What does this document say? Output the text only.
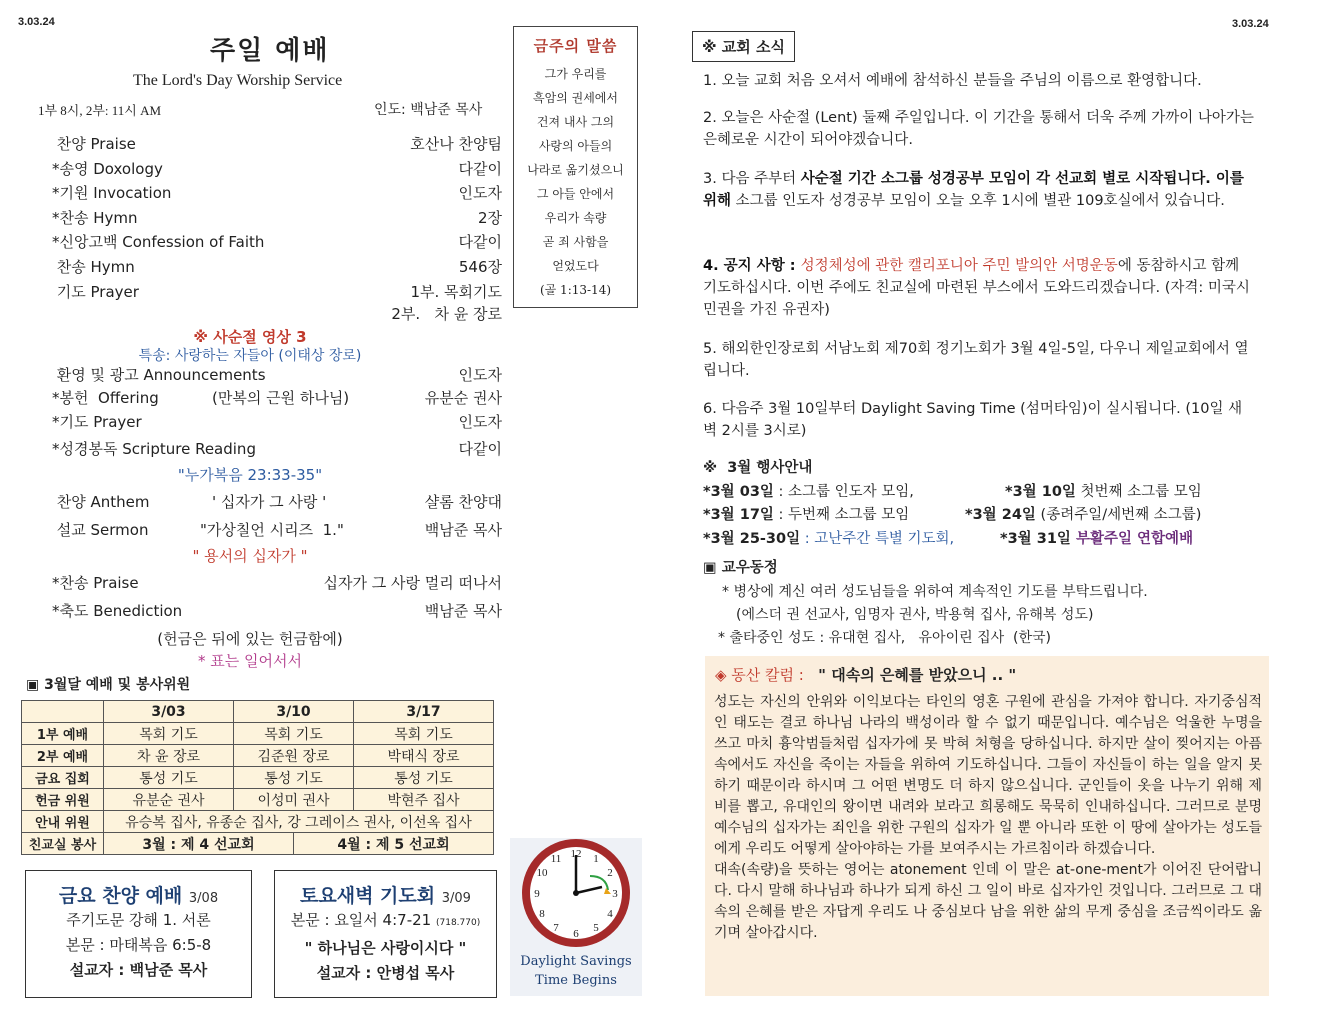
3.03.24
주일 예배
The Lord's Day Worship Service
1부 8시, 2부: 11시 AM	인도: 백남준 목사
찬양 Praise	호산나 찬양팀
*송영 Doxology	다같이
*기원 Invocation	인도자
*찬송 Hymn	2장
*신앙고백 Confession of Faith	다같이
찬송 Hymn	546장
기도 Prayer	1부. 목회기도
2부.   차 윤 장로
※ 사순절 영상 3
특송: 사랑하는 자들아 (이태상 장로)
환영 및 광고 Announcements	인도자
*봉헌  Offering	(만복의 근원 하나님)	유분순 권사
*기도 Prayer	인도자
*성경봉독 Scripture Reading	다같이
"누가복음 23:33-35"
찬양 Anthem	' 십자가 그 사랑 '	샬롬 찬양대
설교 Sermon	"가상칠언 시리즈  1."	백남준 목사
" 용서의 십자가 "
*찬송 Praise	십자가 그 사랑 멀리 떠나서
*축도 Benediction	백남준 목사
(헌금은 뒤에 있는 헌금함에)
* 표는 일어서서
금주의 말씀
그가 우리를
흑암의 권세에서
건져 내사 그의
사랑의 아들의
나라로 옮기셨으니
그 아들 안에서
우리가 속량
곧 죄 사함을
얻었도다
(골 1:13-14)
▣ 3월달 예배 및 봉사위원
	3/03	3/10		3/17
1부 예배	목회 기도	목회 기도		목회 기도
2부 예배	차 윤 장로	김준원 장로		박태식 장로
금요 집회	통성 기도	통성 기도		통성 기도
헌금 위원	유분순 권사	이성미 권사		박현주 집사
안내 위원	유승복 집사, 유종순 집사, 강 그레이스 권사, 이선옥 집사			
친교실 봉사	3월 : 제 4 선교회		4월 : 제 5 선교회	
금요 찬양 예배 3/08
주기도문 강해 1. 서론
본문 : 마태복음 6:5-8
설교자 : 백남준 목사
토요새벽 기도회 3/09
본문 : 요일서 4:7-21 (718.770)
" 하나님은 사랑이시다 "
설교자 : 안병섭 목사
12 1
2
3
4
5
6
7
8
9
10
11
Daylight Savings
Time Begins
3.03.24
※ 교회 소식
1. 오늘 교회 처음 오셔서 예배에 참석하신 분들을 주님의 이름으로 환영합니다.
2. 오늘은 사순절 (Lent) 둘째 주일입니다. 이 기간을 통해서 더욱 주께 가까이 나아가는 은혜로운 시간이 되어야겠습니다.
3. 다음 주부터 사순절 기간 소그룹 성경공부 모임이 각 선교회 별로 시작됩니다. 이를 위해 소그룹 인도자 성경공부 모임이 오늘 오후 1시에 별관 109호실에서 있습니다.
4. 공지 사항 : 성정체성에 관한 캘리포니아 주민 발의안 서명운동에 동참하시고 함께 기도하십시다. 이번 주에도 친교실에 마련된 부스에서 도와드리겠습니다. (자격: 미국시민권을 가진 유권자)
5. 해외한인장로회 서남노회 제70회 정기노회가 3월 4일-5일, 다우니 제일교회에서 열립니다.
6. 다음주 3월 10일부터 Daylight Saving Time (섬머타임)이 실시됩니다. (10일 새벽 2시를 3시로)
※  3월 행사안내
*3월 03일 : 소그룹 인도자 모임,	*3월 10일 첫번째 소그룹 모임
*3월 17일 : 두번째 소그룹 모임	*3월 24일 (종려주일/세번째 소그룹)
*3월 25-30일 : 고난주간 특별 기도회,	*3월 31일 부활주일 연합예배
▣ 교우동정
* 병상에 계신 여러 성도님들을 위하여 계속적인 기도를 부탁드립니다.
(에스더 권 선교사, 임명자 권사, 박용혁 집사, 유해복 성도)
* 출타중인 성도 : 유대현 집사,   유아이린 집사  (한국)
◈ 동산 칼럼 : " 대속의 은혜를 받았으니 .. "
성도는 자신의 안위와 이익보다는 타인의 영혼 구원에 관심을 가져야 합니다. 자기중심적인 태도는 결코 하나님 나라의 백성이라 할 수 없기 때문입니다. 예수님은 억울한 누명을 쓰고 마치 흉악범들처럼 십자가에 못 박혀 처형을 당하십니다. 하지만 살이 찢어지는 아픔 속에서도 자신을 죽이는 자들을 위하여 기도하십니다. 그들이 자신들이 하는 일을 알지 못하기 때문이라 하시며 그 어떤 변명도 더 하지 않으십니다. 군인들이 옷을 나누기 위해 제비를 뽑고, 유대인의 왕이면 내려와 보라고 희롱해도 묵묵히 인내하십니다. 그러므로 분명 예수님의 십자가는 죄인을 위한 구원의 십자가 일 뿐 아니라 또한 이 땅에 살아가는 성도들에게 우리도 어떻게 살아야하는 가를 보여주시는 가르침이라 하겠습니다.
대속(속량)을 뜻하는 영어는 atonement 인데 이 말은 at-one-ment가 이어진 단어랍니다. 다시 말해 하나님과 하나가 되게 하신 그 일이 바로 십자가인 것입니다. 그러므로 그 대속의 은혜를 받은 자답게 우리도 나 중심보다 남을 위한 삶의 무게 중심을 조금씩이라도 옮기며 살아갑시다.
